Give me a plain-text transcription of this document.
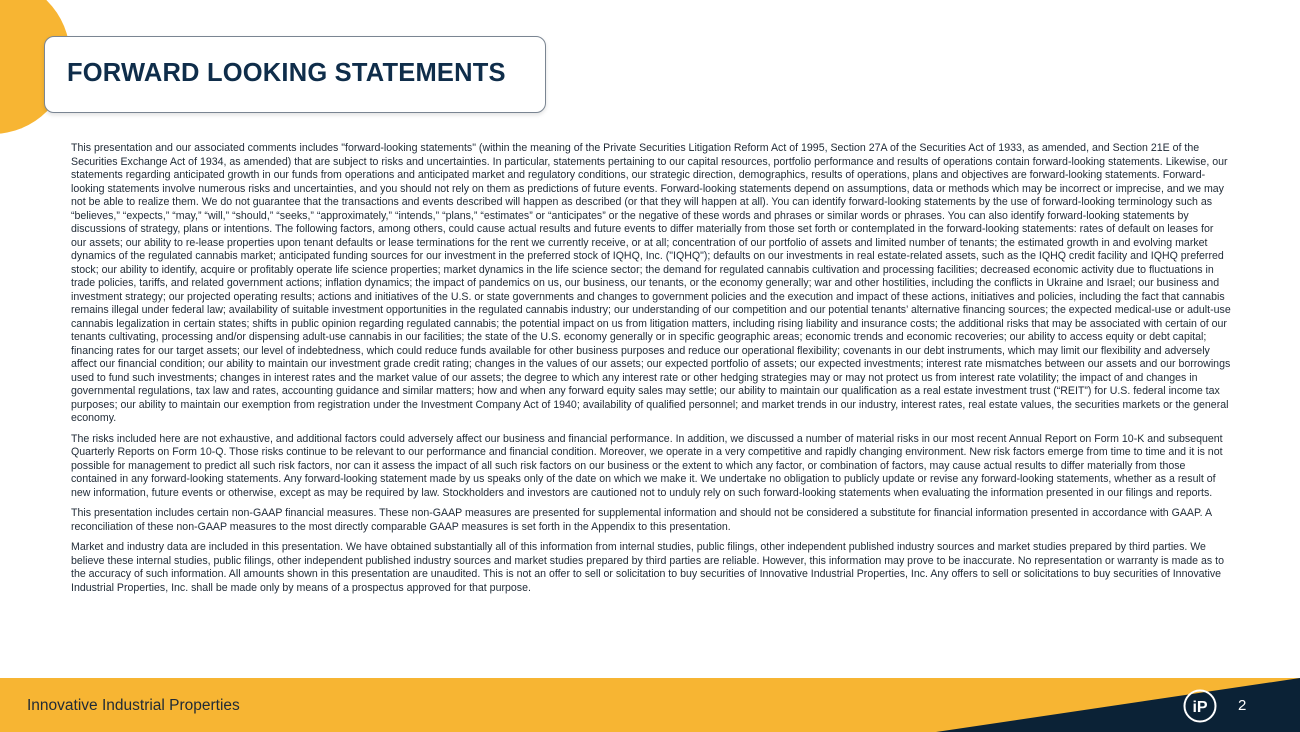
FORWARD LOOKING STATEMENTS

This presentation and our associated comments includes "forward-looking statements" (within the meaning of the Private Securities Litigation Reform Act of 1995, Section 27A of the Securities Act of 1933, as amended, and Section 21E of the Securities Exchange Act of 1934, as amended) that are subject to risks and uncertainties. In particular, statements pertaining to our capital resources, portfolio performance and results of operations contain forward-looking statements. Likewise, our statements regarding anticipated growth in our funds from operations and anticipated market and regulatory conditions, our strategic direction, demographics, results of operations, plans and objectives are forward-looking statements. Forward-looking statements involve numerous risks and uncertainties, and you should not rely on them as predictions of future events. Forward-looking statements depend on assumptions, data or methods which may be incorrect or imprecise, and we may not be able to realize them. We do not guarantee that the transactions and events described will happen as described (or that they will happen at all). You can identify forward-looking statements by the use of forward-looking terminology such as “believes,” “expects,” “may,” “will,” “should,” “seeks,” “approximately,” “intends,” “plans,” “estimates” or “anticipates” or the negative of these words and phrases or similar words or phrases. You can also identify forward-looking statements by discussions of strategy, plans or intentions. The following factors, among others, could cause actual results and future events to differ materially from those set forth or contemplated in the forward-looking statements: rates of default on leases for our assets; our ability to re-lease properties upon tenant defaults or lease terminations for the rent we currently receive, or at all; concentration of our portfolio of assets and limited number of tenants; the estimated growth in and evolving market dynamics of the regulated cannabis market; anticipated funding sources for our investment in the preferred stock of IQHQ, Inc. ("IQHQ"); defaults on our investments in real estate-related assets, such as the IQHQ credit facility and IQHQ preferred stock; our ability to identify, acquire or profitably operate life science properties; market dynamics in the life science sector; the demand for regulated cannabis cultivation and processing facilities; decreased economic activity due to fluctuations in trade policies, tariffs, and related government actions; inflation dynamics; the impact of pandemics on us, our business, our tenants, or the economy generally; war and other hostilities, including the conflicts in Ukraine and Israel; our business and investment strategy; our projected operating results; actions and initiatives of the U.S. or state governments and changes to government policies and the execution and impact of these actions, initiatives and policies, including the fact that cannabis remains illegal under federal law; availability of suitable investment opportunities in the regulated cannabis industry; our understanding of our competition and our potential tenants’ alternative financing sources; the expected medical-use or adult-use cannabis legalization in certain states; shifts in public opinion regarding regulated cannabis; the potential impact on us from litigation matters, including rising liability and insurance costs; the additional risks that may be associated with certain of our tenants cultivating, processing and/or dispensing adult-use cannabis in our facilities; the state of the U.S. economy generally or in specific geographic areas; economic trends and economic recoveries; our ability to access equity or debt capital; financing rates for our target assets; our level of indebtedness, which could reduce funds available for other business purposes and reduce our operational flexibility; covenants in our debt instruments, which may limit our flexibility and adversely affect our financial condition; our ability to maintain our investment grade credit rating; changes in the values of our assets; our expected portfolio of assets; our expected investments; interest rate mismatches between our assets and our borrowings used to fund such investments; changes in interest rates and the market value of our assets; the degree to which any interest rate or other hedging strategies may or may not protect us from interest rate volatility; the impact of and changes in governmental regulations, tax law and rates, accounting guidance and similar matters; how and when any forward equity sales may settle; our ability to maintain our qualification as a real estate investment trust (“REIT”) for U.S. federal income tax purposes; our ability to maintain our exemption from registration under the Investment Company Act of 1940; availability of qualified personnel; and market trends in our industry, interest rates, real estate values, the securities markets or the general economy.

The risks included here are not exhaustive, and additional factors could adversely affect our business and financial performance. In addition, we discussed a number of material risks in our most recent Annual Report on Form 10-K and subsequent Quarterly Reports on Form 10-Q. Those risks continue to be relevant to our performance and financial condition. Moreover, we operate in a very competitive and rapidly changing environment. New risk factors emerge from time to time and it is not possible for management to predict all such risk factors, nor can it assess the impact of all such risk factors on our business or the extent to which any factor, or combination of factors, may cause actual results to differ materially from those contained in any forward-looking statements. Any forward-looking statement made by us speaks only of the date on which we make it. We undertake no obligation to publicly update or revise any forward-looking statements, whether as a result of new information, future events or otherwise, except as may be required by law. Stockholders and investors are cautioned not to unduly rely on such forward-looking statements when evaluating the information presented in our filings and reports.

This presentation includes certain non-GAAP financial measures. These non-GAAP measures are presented for supplemental information and should not be considered a substitute for financial information presented in accordance with GAAP. A reconciliation of these non-GAAP measures to the most directly comparable GAAP measures is set forth in the Appendix to this presentation.

Market and industry data are included in this presentation. We have obtained substantially all of this information from internal studies, public filings, other independent published industry sources and market studies prepared by third parties. We believe these internal studies, public filings, other independent published industry sources and market studies prepared by third parties are reliable. However, this information may prove to be inaccurate. No representation or warranty is made as to the accuracy of such information. All amounts shown in this presentation are unaudited. This is not an offer to sell or solicitation to buy securities of Innovative Industrial Properties, Inc. Any offers to sell or solicitations to buy securities of Innovative Industrial Properties, Inc. shall be made only by means of a prospectus approved for that purpose.

Innovative Industrial Properties	iP 2
